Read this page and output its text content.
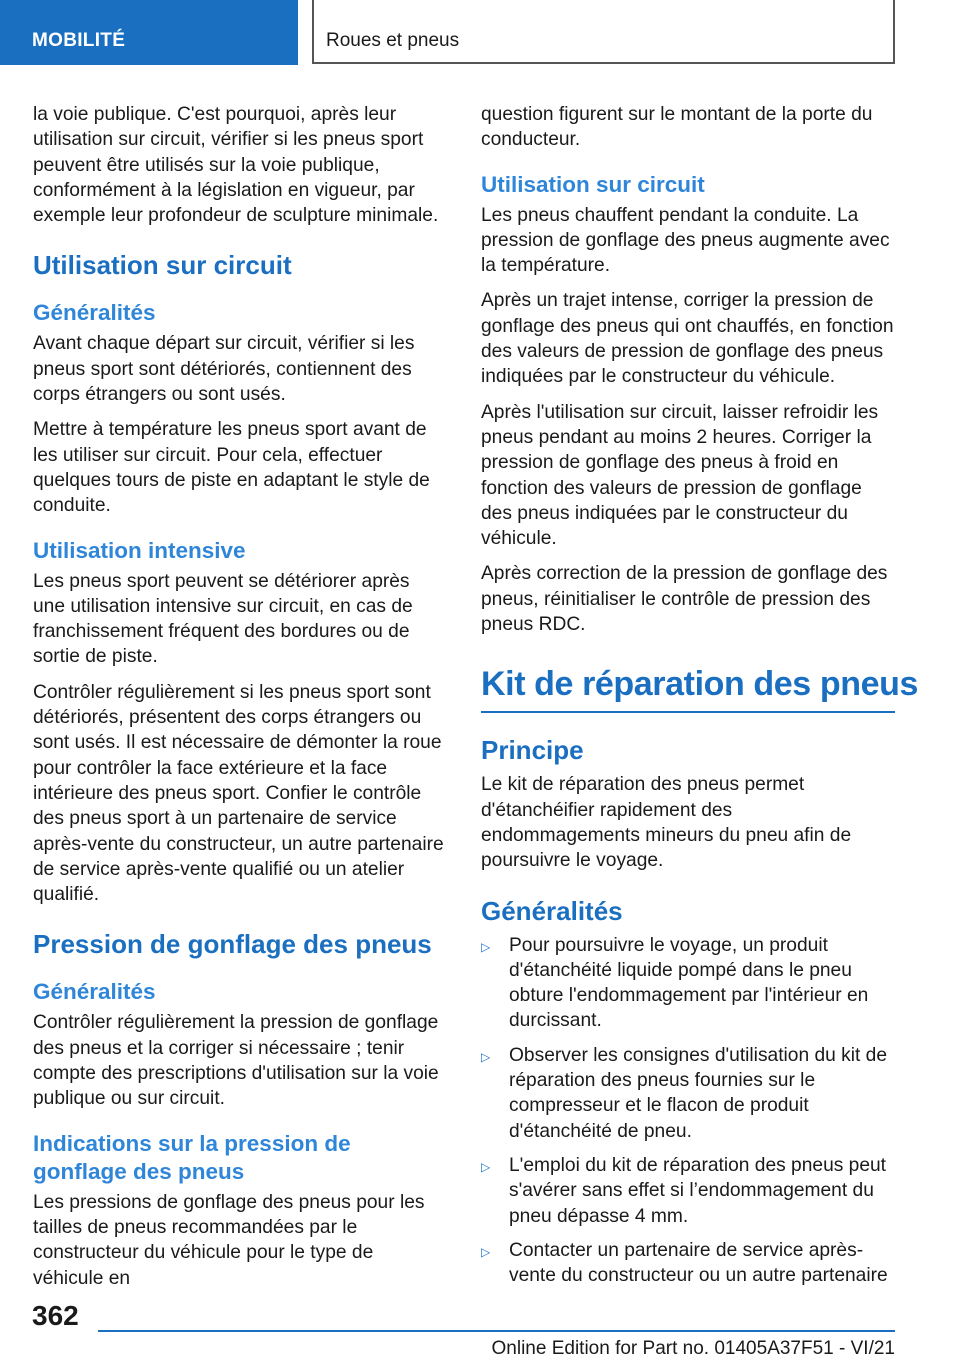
MOBILITÉ	Roues et pneus

la voie publique. C'est pourquoi, après leur utilisation sur circuit, vérifier si les pneus sport peuvent être utilisés sur la voie publique, conformément à la législation en vigueur, par exemple leur profondeur de sculpture minimale.

Utilisation sur circuit
Généralités

Avant chaque départ sur circuit, vérifier si les pneus sport sont détériorés, contiennent des corps étrangers ou sont usés.

Mettre à température les pneus sport avant de les utiliser sur circuit. Pour cela, effectuer quelques tours de piste en adaptant le style de conduite.

Utilisation intensive

Les pneus sport peuvent se détériorer après une utilisation intensive sur circuit, en cas de franchissement fréquent des bordures ou de sortie de piste.

Contrôler régulièrement si les pneus sport sont détériorés, présentent des corps étrangers ou sont usés. Il est nécessaire de démonter la roue pour contrôler la face extérieure et la face intérieure des pneus sport. Confier le contrôle des pneus sport à un partenaire de service après-vente du constructeur, un autre partenaire de service après-vente qualifié ou un atelier qualifié.

Pression de gonflage des pneus
Généralités

Contrôler régulièrement la pression de gonflage des pneus et la corriger si nécessaire ; tenir compte des prescriptions d'utilisation sur la voie publique ou sur circuit.

Indications sur la pression de gonflage des pneus

Les pressions de gonflage des pneus pour les tailles de pneus recommandées par le constructeur du véhicule pour le type de véhicule en

question figurent sur le montant de la porte du conducteur.

Utilisation sur circuit

Les pneus chauffent pendant la conduite. La pression de gonflage des pneus augmente avec la température.

Après un trajet intense, corriger la pression de gonflage des pneus qui ont chauffés, en fonction des valeurs de pression de gonflage des pneus indiquées par le constructeur du véhicule.

Après l'utilisation sur circuit, laisser refroidir les pneus pendant au moins 2 heures. Corriger la pression de gonflage des pneus à froid en fonction des valeurs de pression de gonflage des pneus indiquées par le constructeur du véhicule.

Après correction de la pression de gonflage des pneus, réinitialiser le contrôle de pression des pneus RDC.

Kit de réparation des pneus
Principe

Le kit de réparation des pneus permet d'étanchéifier rapidement des endommagements mineurs du pneu afin de poursuivre le voyage.

Généralités
▷ Pour poursuivre le voyage, un produit d'étanchéité liquide pompé dans le pneu obture l'endommagement par l'intérieur en durcissant.
▷ Observer les consignes d'utilisation du kit de réparation des pneus fournies sur le compresseur et le flacon de produit d'étanchéité de pneu.
▷ L'emploi du kit de réparation des pneus peut s'avérer sans effet si l’endommagement du pneu dépasse 4 mm.
▷ Contacter un partenaire de service après-vente du constructeur ou un autre partenaire
362
Online Edition for Part no. 01405A37F51 - VI/21
